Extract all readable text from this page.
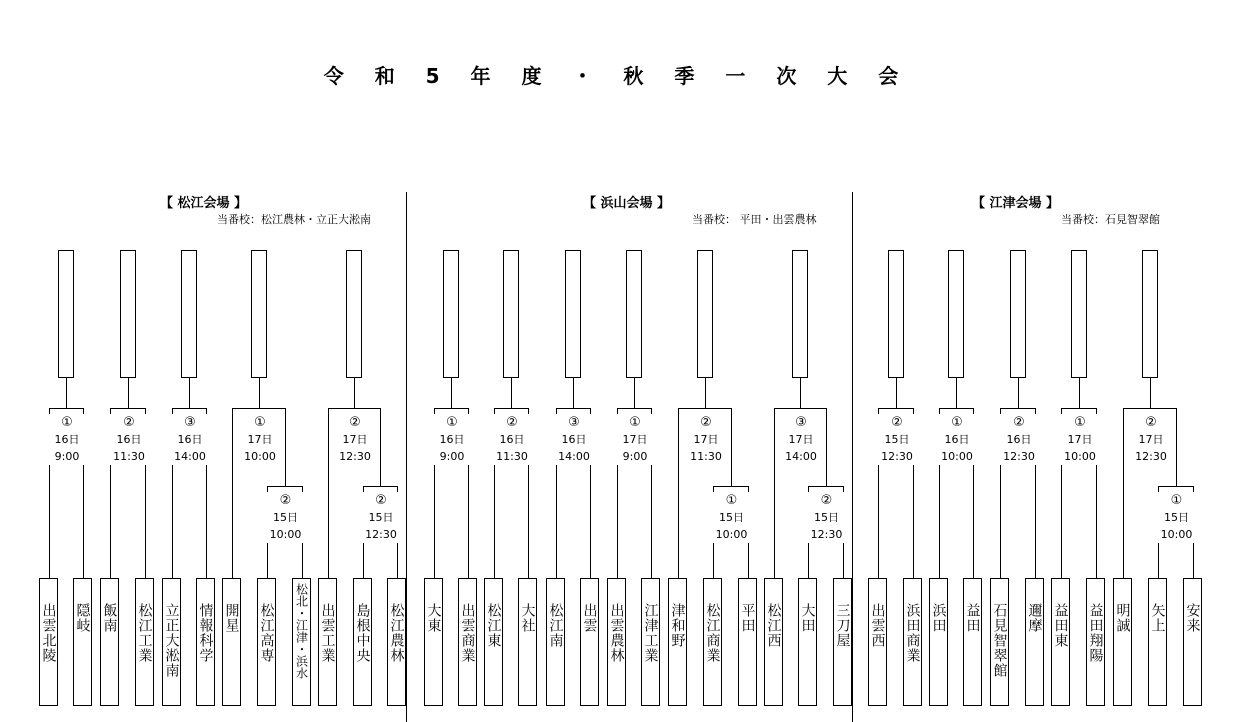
令 和 5 年 度 ・ 秋 季 一 次 大 会
【 松江会場 】
当番校：松江農林・立正大淞南
【 浜山会場 】
当番校： 平田・出雲農林
【 江津会場 】
当番校：石見智翠館
出雲北陵 隠岐 飯南 松江工業 立正大淞南 情報科学 開星 松江高専 松北・江津・浜水 出雲工業 島根中央 松江農林
②
15日
10:00
②
15日
12:30
①
16日
9:00
②
16日
11:30
③
16日
14:00
①
17日
10:00
②
17日
12:30
大東 出雲商業 松江東 大社 松江南 出雲 出雲農林 江津工業 津和野 松江商業 平田 松江西 大田 三刀屋
①
15日
10:00
②
15日
12:30
①
16日
9:00
②
16日
11:30
③
16日
14:00
①
17日
9:00
②
17日
11:30
③
17日
14:00
出雲西 浜田商業 浜田 益田 石見智翠館 邇摩 益田東 益田翔陽 明誠 矢上 安来
①
15日
10:00
②
15日
12:30
①
16日
10:00
②
16日
12:30
①
17日
10:00
②
17日
12:30
